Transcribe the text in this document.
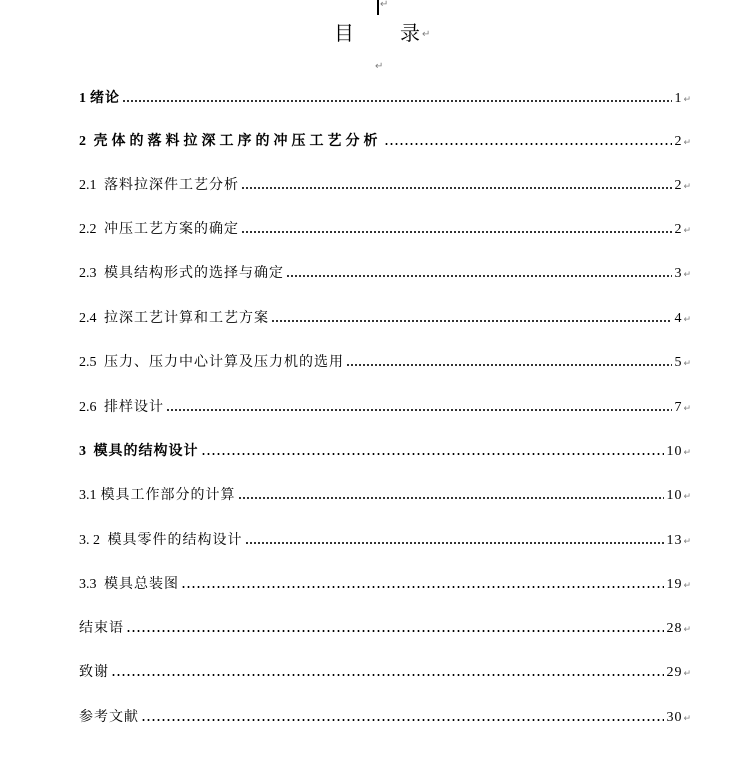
↵
目 录 ↵
↵
1 绪论	1 ↵
2 壳体的落料拉深工序的冲压工艺分析	2 ↵
2.1 落料拉深件工艺分析	2 ↵
2.2 冲压工艺方案的确定	2 ↵
2.3 模具结构形式的选择与确定	3 ↵
2.4 拉深工艺计算和工艺方案	4 ↵
2.5 压力、压力中心计算及压力机的选用	5 ↵
2.6 排样设计	7 ↵
3 模具的结构设计	10 ↵
3.1 模具工作部分的计算	10 ↵
3. 2 模具零件的结构设计	13 ↵
3.3 模具总装图	19 ↵
结束语	28 ↵
致谢	29 ↵
参考文献	30 ↵
